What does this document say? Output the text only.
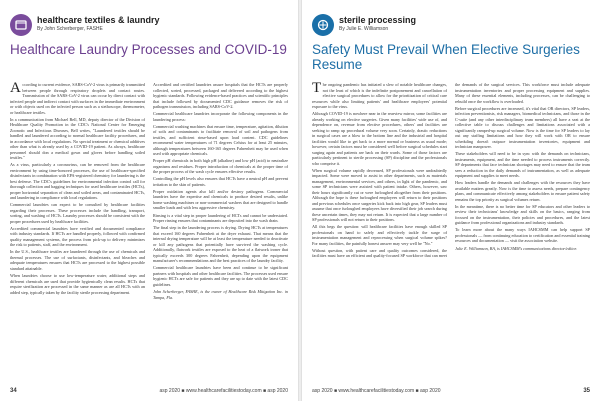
healthcare textiles & laundry
By John Scherberger, FASHE
Healthcare Laundry Processes and COVID-19

According to current evidence, SARS-CoV-2 virus is primarily transmitted between people through respiratory droplets and contact routes. Transmission of the SARS-CoV-2 virus can occur by direct contact with infected people and indirect contact with surfaces in the immediate environment or with objects used on the infected person such as a stethoscope, thermometer, or healthcare textiles.

In a communication from Michael Bell, MD, deputy director of the Division of Healthcare Quality Promotion in the CDC's National Center for Emerging Zoonotic and Infectious Diseases, Bell writes, "Laundered textiles should be handled and laundered according to normal healthcare facility procedures, and in accordance with local regulations. No special treatment or chemical additives other than what is already used by a COVID-19 patient. As always, healthcare personnel should don a medical gown and gloves before handling soiled textiles."

As a virus, particularly a coronavirus, can be removed from the healthcare environment by using time-honored processes, the use of healthcare-specified disinfectants in combination with EPA-registered chemistry for laundering is the best defense. The CDC's guidelines for environmental infection control call for thorough collection and bagging techniques for used healthcare textiles (HCTs), proper horizontal separation of clean and soiled areas, and contaminated HCTs, and laundering in compliance with local regulations.

Commercial laundries can expect to be consulted by healthcare facilities regarding their processes. These processes include the handling, transport, sorting, and washing of HCTs. Laundry processes should be consistent with the proper procedures used by healthcare facilities.

Accredited commercial laundries have verified and documented compliance with industry standards. If HCTs are handled properly, followed with confirmed quality management systems, the process from pick-up to delivery minimizes the risk to patients, staff, and the environment.

In the U.S., healthcare textiles are laundered through the use of chemicals and thermal processes. The use of surfactants, disinfectants, and bleaches and adequate temperatures ensures that HCTs are processed to the highest possible standard attainable.

When laundries choose to use low-temperature water, additional steps and different chemicals are used that provide hygienically clean results. HCTs that require sterilization are processed in the same manner as are all HCTs with an added step, typically taken by the facility sterile processing department.

Accredited and certified laundries assure hospitals that the HCTs are properly collected, sorted, processed, packaged and delivered according to the highest hygienic standards. Following evidence-based practices and scientific principles that include followed by documented CDC guidance removes the risk of pathogen transmission, including SARS-CoV-2.

Commercial healthcare laundries incorporate the following components in the laundering process:

Commercial washing machines that ensure time, temperature, agitation, dilution of soils and contaminants to facilitate removal of soil and pathogens from textiles, and sufficient rinse-based upon load content. CDC guidelines recommend water temperatures of 71 degrees Celsius for at least 25 minutes, although temperatures between 160-165 degrees Fahrenheit may be used when used with appropriate chemicals.

Proper pH chemicals in both high pH (alkaline) and low pH (acid) to neutralize organisms and residues. Proper introduction of chemicals at the proper time of the proper process of the wash cycle ensures effective results.

Controlling the pH levels also ensures that HCTs have a neutral pH and prevent irritation to the skin of patients.

Proper oxidation agents also kill and/or destroy pathogens. Commercial laundries have the expertise and chemicals to produce desired results, unlike home washing machines or non-commercial washers that are designed to handle smaller loads and with less aggressive chemistry.

Rinsing is a vital step in proper laundering of HCTs and cannot be understated. Proper rinsing ensures that contaminants are deposited into the wash drain.

The final step in the laundering process is drying. Drying HCTs at temperatures that exceed 160 degrees Fahrenheit at the dryer exhaust. That means that the internal drying temperature will be at least the temperature needed to deactivate or kill any pathogens that potentially have survived the washing cycle. Additionally, flatwork textiles are exposed to the heat of a flatwork ironer that typically exceeds 300 degrees Fahrenheit, depending upon the equipment manufacturer's recommendations and the best practices of the laundry facility.

Commercial healthcare laundries have been and continue to be significant partners with hospitals and other healthcare facilities. The processes used ensure hygienic HCTs are safe for patients and they are up to date with the latest CDC guidelines.

John Scherberger, FASHE, is the owner of Healthcare Risk Mitigation Inc. in Tampa, Fla.

34	asp 2020 ■ www.healthcarefacilitiestoday.com ■ asp 2020
sterile processing
By Julie E. Williamson
Safety Must Prevail When Elective Surgeries Resume

The ongoing pandemic has initiated a slew of notable healthcare changes, not the least of which is the indefinite postponement and cancellation of elective surgical procedures to allow for the prioritization of critical care resources while also limiting patients' and healthcare employees' potential exposure to the virus.

Although COVID-19 is nowhere near in the rearview mirror, some facilities are already working on elective surgeries. Given many facilities' wide use of, and dependence on, revenue from elective procedures, others' and facilities are seeking to ramp up procedural volume very soon. Certainly, drastic reductions in surgical cases are a blow to the bottom line and the industrial and hospital facilities would like to get back to a more normal or business as usual mode; however, certain factors must be considered well before surgical schedules start surging again and patients are back on their wards. Some of those factors are particularly pertinent to sterile processing (SP) discipline and the professionals who comprise it.

When surgical volume rapidly decreased, SP professionals were undoubtedly impacted. Some were moved to assist in other departments, such as materials management, environmental services, and others, in light of the pandemic, and some SP technicians were assisted with patient intake. Others, however, saw their hours significantly cut or were furloughed altogether from their positions. Although the hope is these furloughed employees will return to their positions and previous schedules once surgeries kick back into high gear, SP leaders must assume that once furloughed employees have diversified their job search during these uncertain times, they may not return. It is expected that a large number of SP professionals will not return to their positions.

All this begs the question: will healthcare facilities have enough skilled SP professionals on hand to safely and effectively tackle the surge of instrumentation management and reprocessing when surgical volume spikes? For many facilities, the painfully honest answer may very well be "No."

Without question, with patient care and quality outcomes considered, the facilities must have an efficient and quality-focused SP workforce that can meet the demands of the surgical services. This workforce must include adequate instrumentation inventories and proper processing equipment and supplies. Many of these essential elements, including processes, can be challenging to rebuild once the workflow is overloaded.

Before surgical procedures are increased, it's vital that OR directors, SP leaders, infection preventionists, risk managers, biomedical technicians, and those in the C-suite (and any other interdisciplinary team members) all have a seat at the collective table to discuss challenges and limitations associated with a significantly ramped-up surgical volume. Now is the time for SP leaders to lay out any staffing limitations and how they will work with OR to ensure scheduling doesn't outpace instrumentation inventories, equipment and technician manpower.

These stakeholders will need to be in sync with the demands on technicians, instruments, equipment, and the time needed to process instruments correctly. SP departments that face technician shortages may need to ensure that the team sees a reduction in the daily demands of instrumentation, as well as adequate equipment and supplies to meet needs.

How leaders handle the demands and challenges with the resources they have available matters greatly. Now is the time to assess needs, prepare contingency plans, and communicate effectively among stakeholders to ensure patient safety remains the top priority as surgical volumes return.

In the meantime, there is no better time for SP educators and other leaders to review their technicians' knowledge and skills on the basics, ranging from focused on the instrumentation, their policies and procedures, and the latest guidance from professional organizations and industry standards.

To learn more about the many ways IAHCSMM can help support SP professionals — from continuing education to certification and essential training resources and documentation — visit the association website.

Julie E. Williamson, BA, is IAHCSMM's communications director/editor.

asp 2020 ■ www.healthcarefacilitiestoday.com ■ asp 2020	35
